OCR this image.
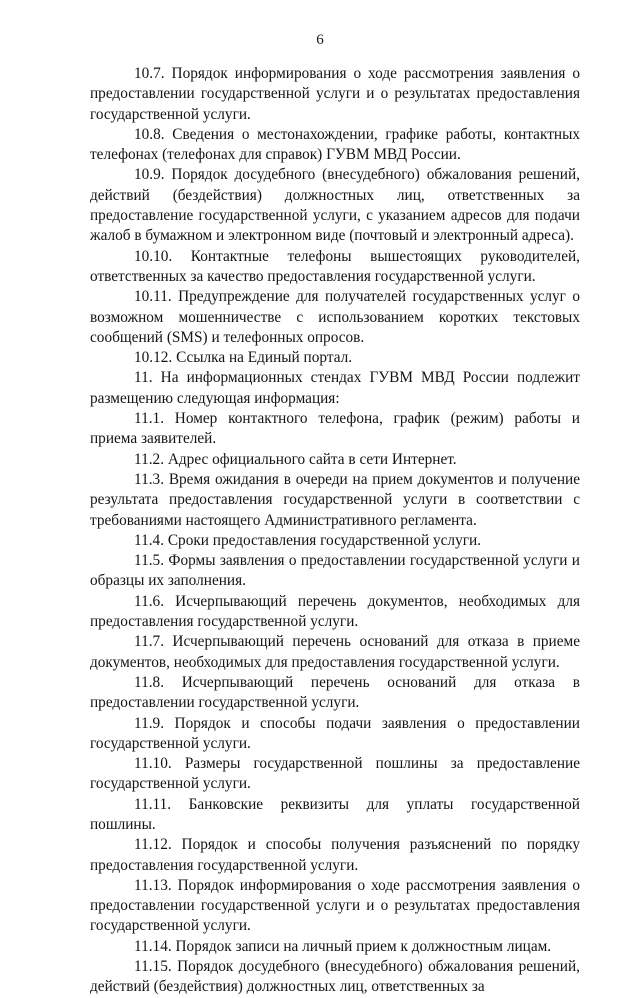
6

10.7. Порядок информирования о ходе рассмотрения заявления о предоставлении государственной услуги и о результатах предоставления государственной услуги.

10.8. Сведения о местонахождении, графике работы, контактных телефонах (телефонах для справок) ГУВМ МВД России.

10.9. Порядок досудебного (внесудебного) обжалования решений, действий (бездействия) должностных лиц, ответственных за предоставление государственной услуги, с указанием адресов для подачи жалоб в бумажном и электронном виде (почтовый и электронный адреса).

10.10. Контактные телефоны вышестоящих руководителей, ответственных за качество предоставления государственной услуги.

10.11. Предупреждение для получателей государственных услуг о возможном мошенничестве с использованием коротких текстовых сообщений (SMS) и телефонных опросов.

10.12. Ссылка на Единый портал.

11. На информационных стендах ГУВМ МВД России подлежит размещению следующая информация:

11.1. Номер контактного телефона, график (режим) работы и приема заявителей.

11.2. Адрес официального сайта в сети Интернет.

11.3. Время ожидания в очереди на прием документов и получение результата предоставления государственной услуги в соответствии с требованиями настоящего Административного регламента.

11.4. Сроки предоставления государственной услуги.

11.5. Формы заявления о предоставлении государственной услуги и образцы их заполнения.

11.6. Исчерпывающий перечень документов, необходимых для предоставления государственной услуги.

11.7. Исчерпывающий перечень оснований для отказа в приеме документов, необходимых для предоставления государственной услуги.

11.8. Исчерпывающий перечень оснований для отказа в предоставлении государственной услуги.

11.9. Порядок и способы подачи заявления о предоставлении государственной услуги.

11.10. Размеры государственной пошлины за предоставление государственной услуги.

11.11. Банковские реквизиты для уплаты государственной пошлины.

11.12. Порядок и способы получения разъяснений по порядку предоставления государственной услуги.

11.13. Порядок информирования о ходе рассмотрения заявления о предоставлении государственной услуги и о результатах предоставления государственной услуги.

11.14. Порядок записи на личный прием к должностным лицам.

11.15. Порядок досудебного (внесудебного) обжалования решений, действий (бездействия) должностных лиц, ответственных за
